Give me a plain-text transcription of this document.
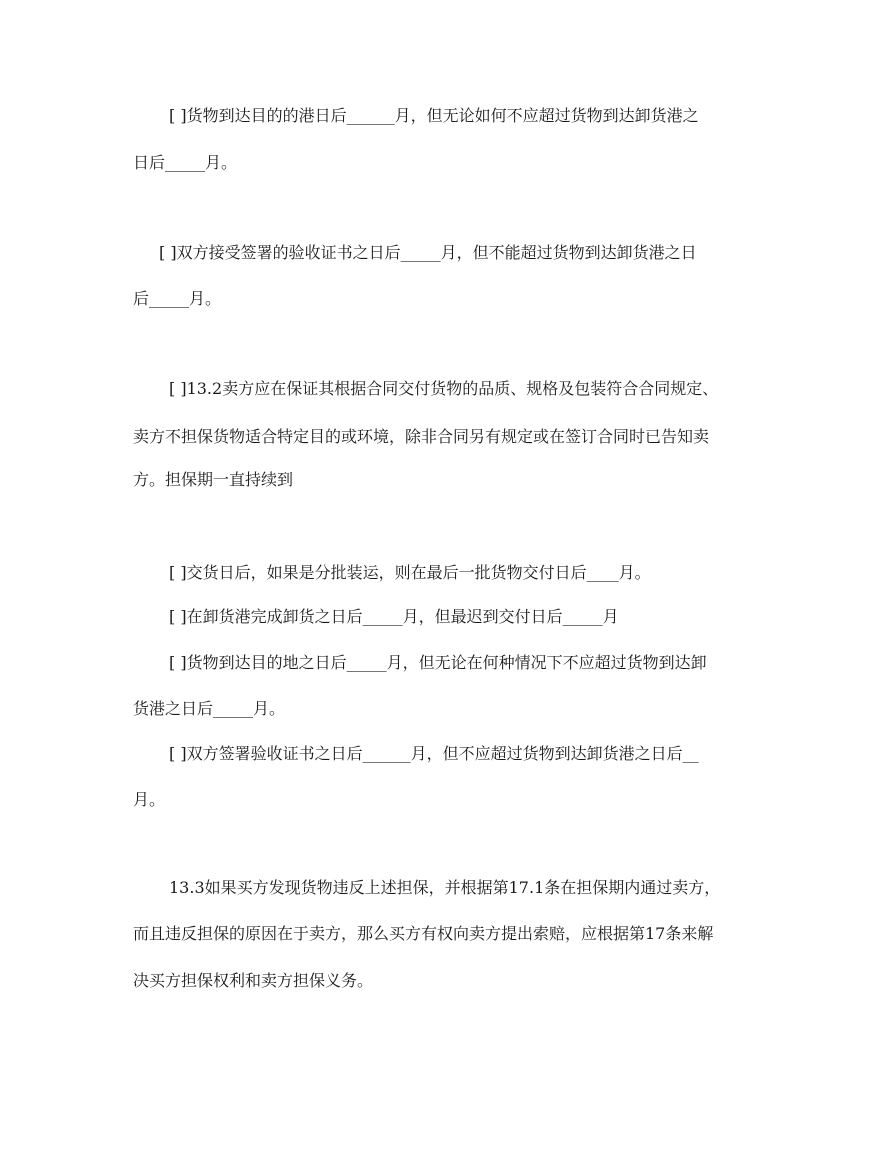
[ ]货物到达目的的港日后______月，但无论如何不应超过货物到达卸货港之
日后_____月。
[ ]双方接受签署的验收证书之日后_____月，但不能超过货物到达卸货港之日
后_____月。
[ ]13.2卖方应在保证其根据合同交付货物的品质、规格及包装符合合同规定、
卖方不担保货物适合特定目的或环境，除非合同另有规定或在签订合同时已告知卖
方。担保期一直持续到
[ ]交货日后，如果是分批装运，则在最后一批货物交付日后____月。
[ ]在卸货港完成卸货之日后_____月，但最迟到交付日后_____月
[ ]货物到达目的地之日后_____月，但无论在何种情况下不应超过货物到达卸
货港之日后_____月。
[ ]双方签署验收证书之日后______月，但不应超过货物到达卸货港之日后__
月。
13.3如果买方发现货物违反上述担保，并根据第17.1条在担保期内通过卖方，
而且违反担保的原因在于卖方，那么买方有权向卖方提出索赔，应根据第17条来解
决买方担保权利和卖方担保义务。
